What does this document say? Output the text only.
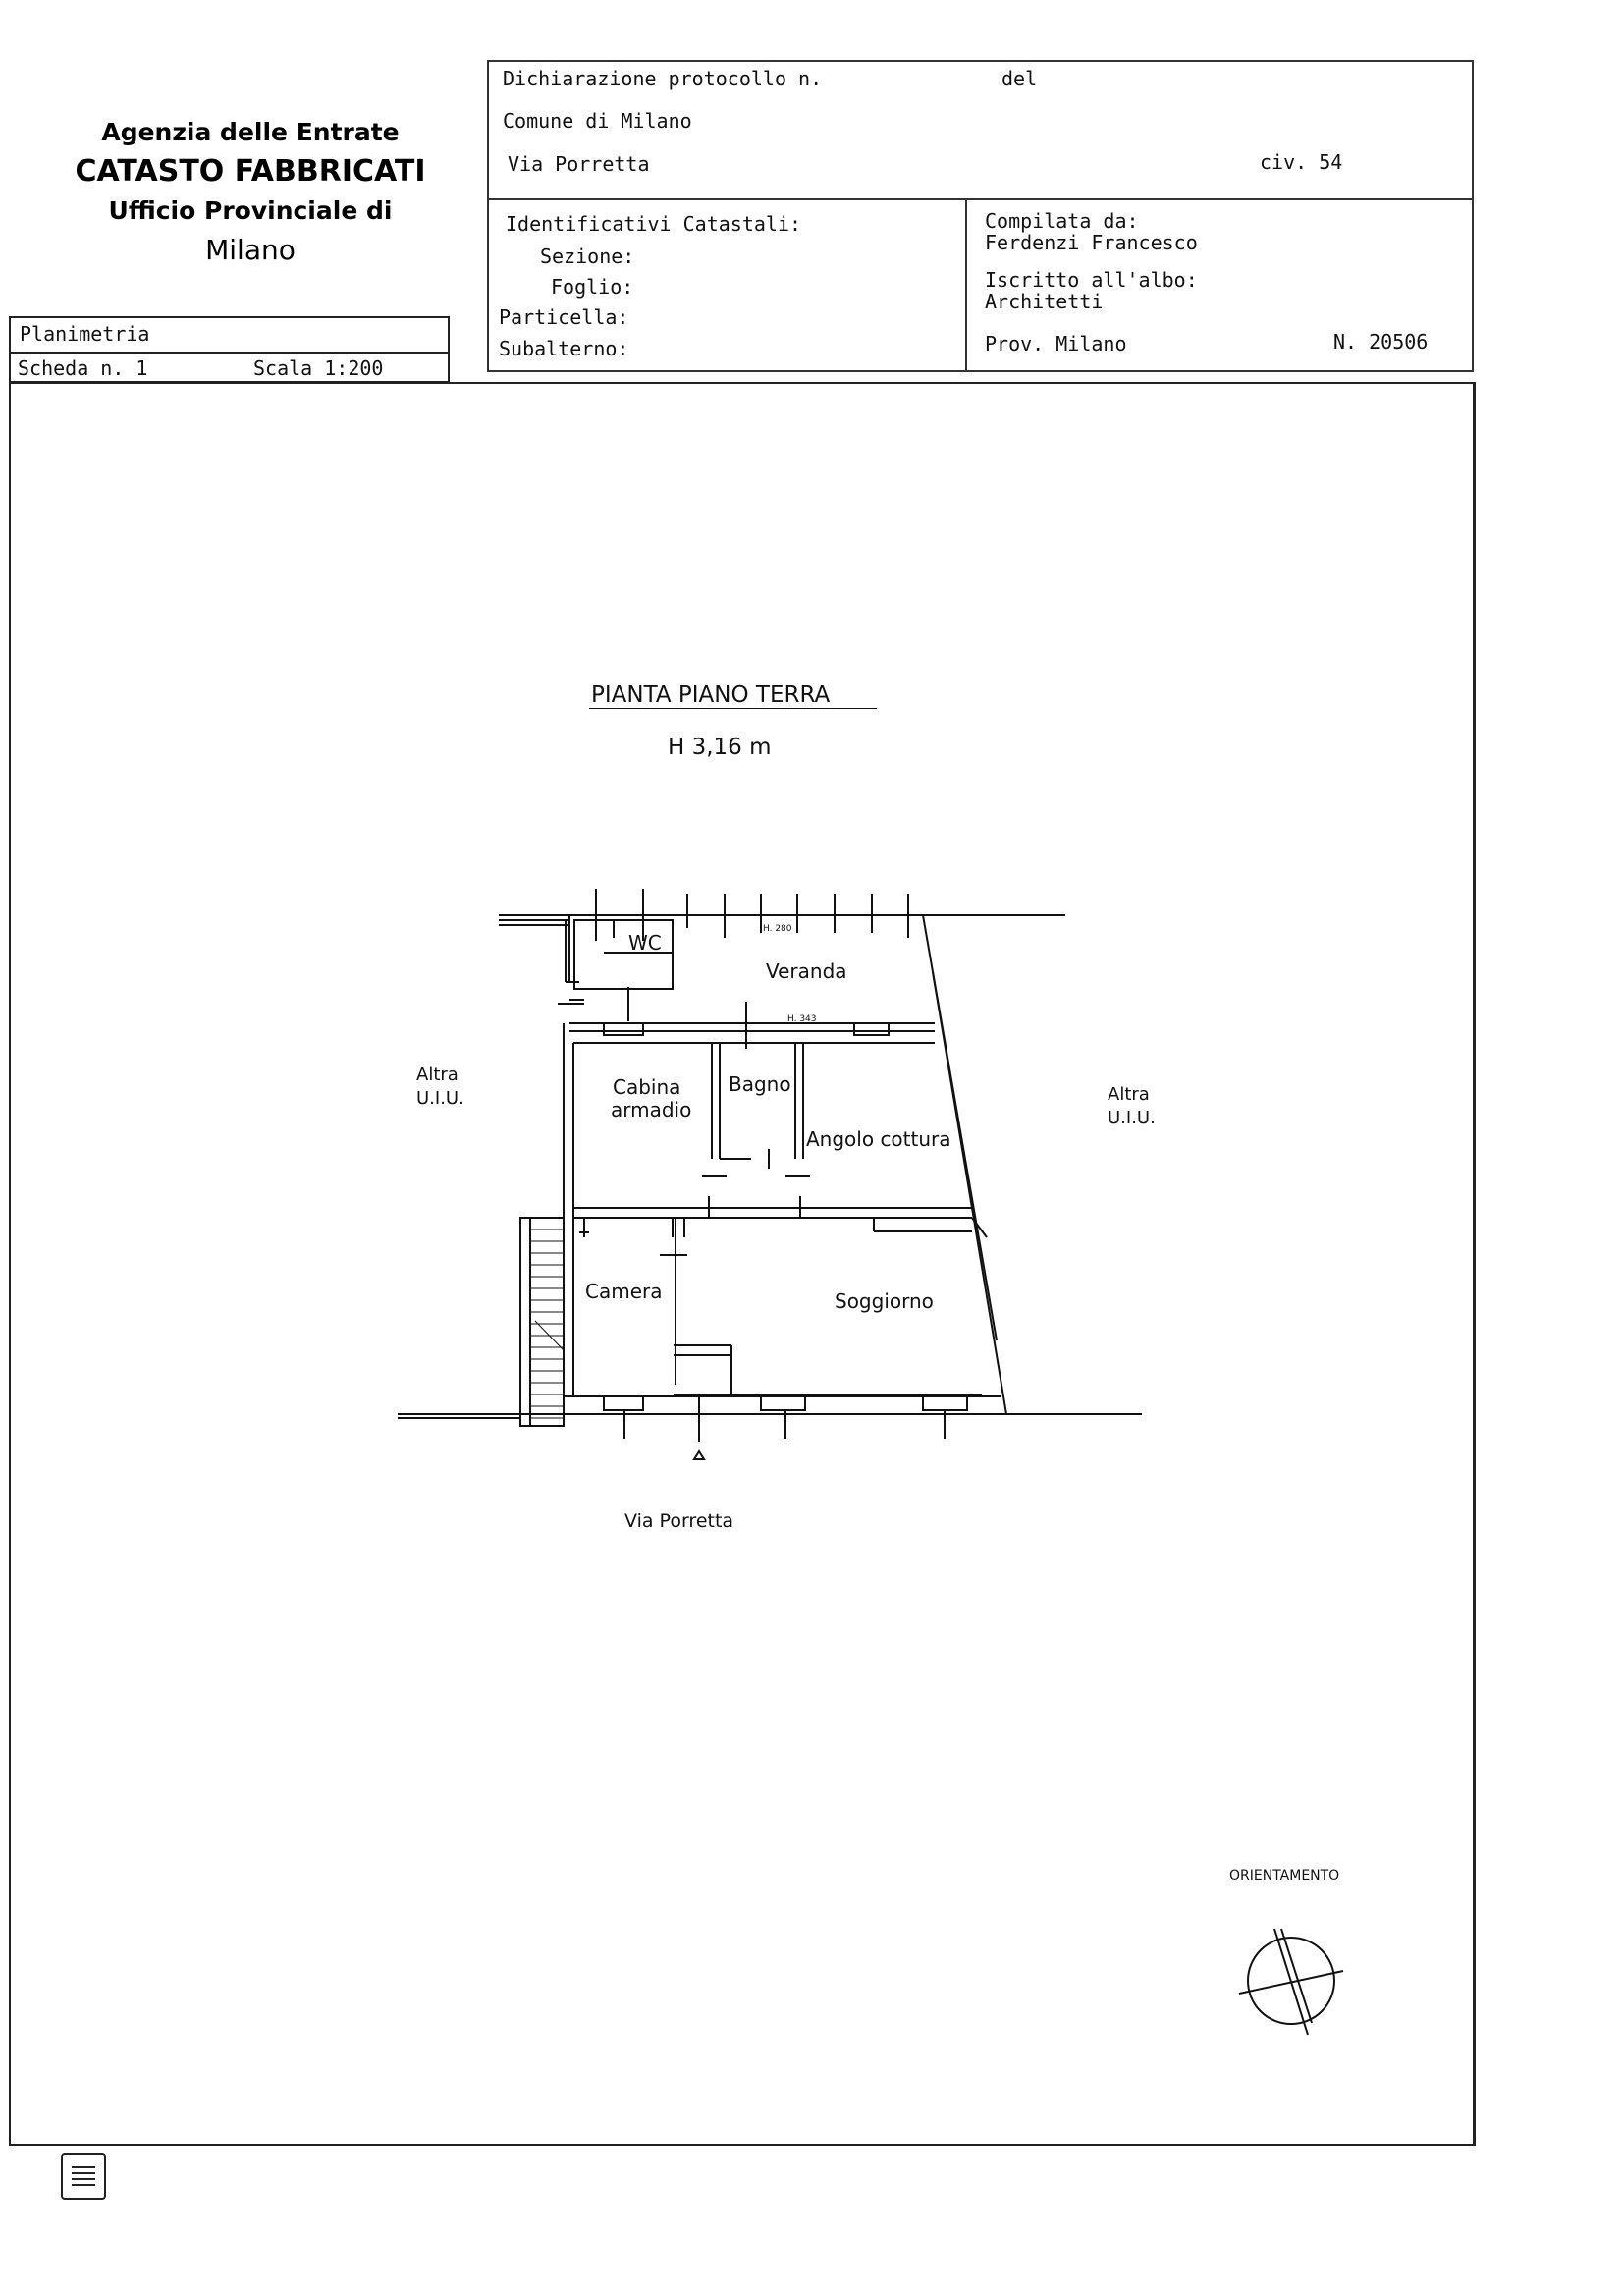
Agenzia delle Entrate
CATASTO FABBRICATI
Ufficio Provinciale di
Milano
Planimetria
Scheda n. 1	Scala 1:200
Dichiarazione protocollo n.	del
Comune di Milano
Via Porretta	civ. 54
Identificativi Catastali:
Sezione:
Foglio:
Particella:
Subalterno:
Compilata da:
Ferdenzi Francesco
Iscritto all'albo:
Architetti
Prov. Milano	N. 20506
PIANTA PIANO TERRA
H 3,16 m
H. 280
H. 343
WC
Veranda
Cabina
armadio
Bagno
Angolo cottura
Camera	Soggiorno
Altra
U.I.U.	Altra
U.I.U.
Via Porretta
ORIENTAMENTO
